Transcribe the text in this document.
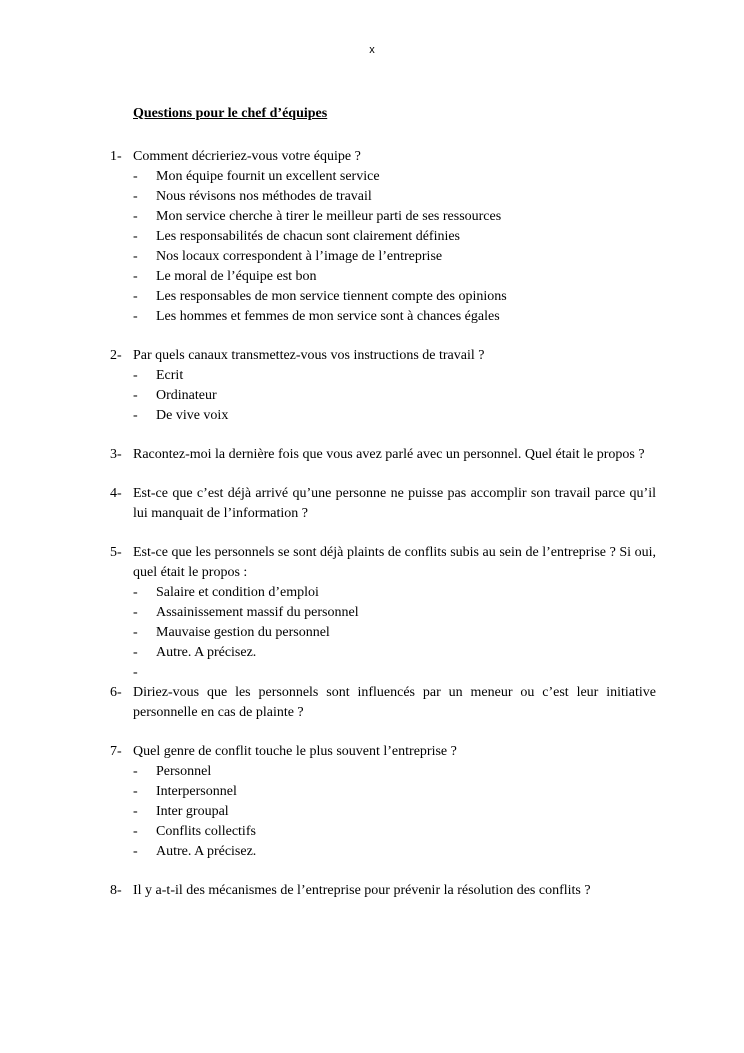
x
Questions pour le chef d’équipes
1- Comment décrieriez-vous votre équipe ?
-	Mon équipe fournit un excellent service
-	Nous révisons nos méthodes de travail
-	Mon service cherche à tirer le meilleur parti de ses ressources
-	Les responsabilités de chacun sont clairement définies
-	Nos locaux correspondent à l’image de l’entreprise
-	Le moral de l’équipe est bon
-	Les responsables de mon service tiennent compte des opinions
-	Les hommes et femmes de mon service sont à chances égales
2- Par quels canaux transmettez-vous vos instructions de travail ?
-	Ecrit
-	Ordinateur
-	De vive voix
3- Racontez-moi la dernière fois que vous avez parlé avec un personnel. Quel était le propos ?
4- Est-ce que c’est déjà arrivé qu’une personne ne puisse pas accomplir son travail parce qu’il lui manquait de l’information ?
5- Est-ce que les personnels se sont déjà plaints de conflits subis au sein de l’entreprise ? Si oui, quel était le propos :
-	Salaire et condition d’emploi
-	Assainissement massif du personnel
-	Mauvaise gestion du personnel
-	Autre. A précisez.
-
6- Diriez-vous que les personnels sont influencés par un meneur ou c’est leur initiative personnelle en cas de plainte ?
7- Quel genre de conflit touche le plus souvent l’entreprise ?
-	Personnel
-	Interpersonnel
-	Inter groupal
-	Conflits collectifs
-	Autre. A précisez.
8- Il y a-t-il des mécanismes de l’entreprise pour prévenir la résolution des conflits ?
